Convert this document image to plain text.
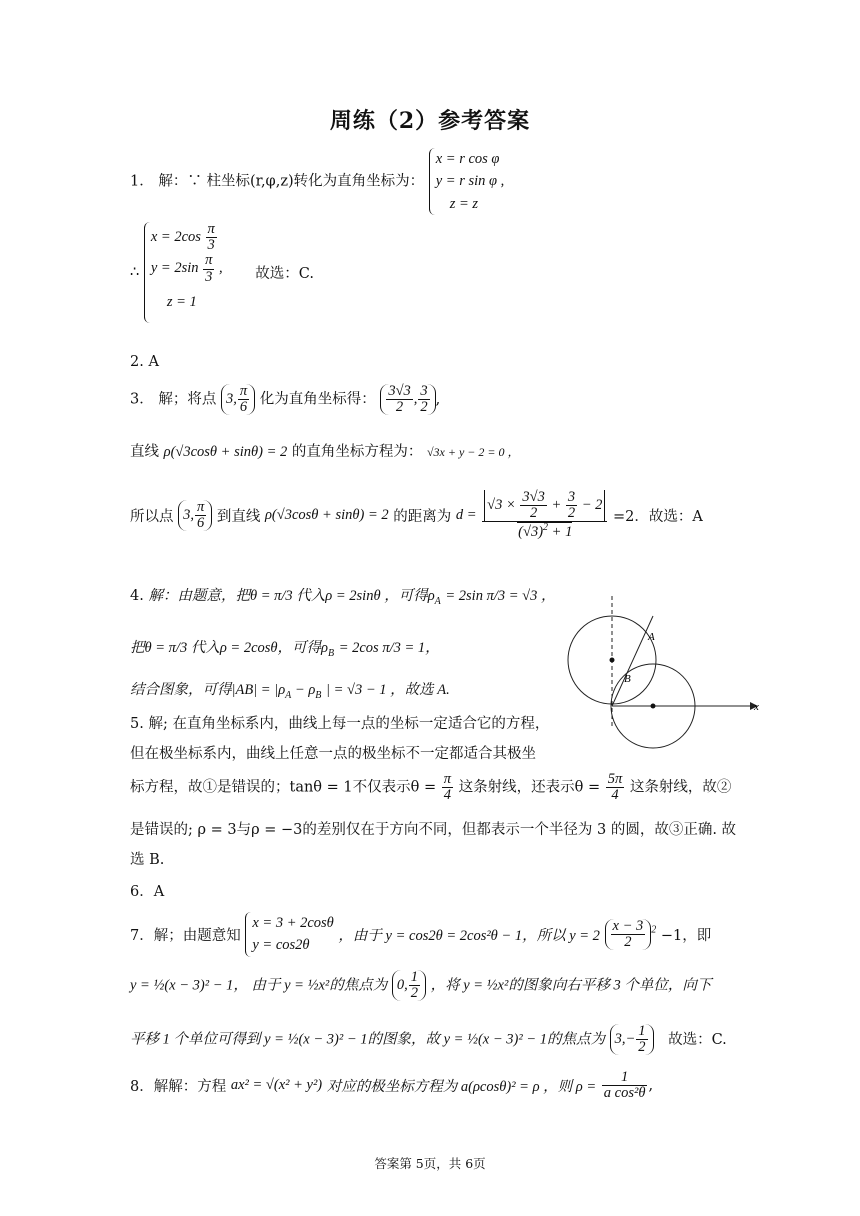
周练（2）参考答案
1． 解：∵ 柱坐标(r,φ,z)转化为直角坐标为：
x = r cos φ
y = r sin φ ,
z = z
∴
$x = 2\cos \frac{\pi}{3}$
$y = 2\sin \frac{\pi}{3}$ ,
z = 1
故选：C.
2. A
3． 解；将点 3, $\frac{\pi}{6}$ 化为直角坐标得： $\frac{3√3}{2}$ , $\frac{3}{2}$ ,
直线 ρ(√3cosθ + sinθ) = 2 的直角坐标方程为： √3x + y − 2 = 0 ，
所以点 3, $\frac{\pi}{6}$ 到直线 ρ(√3cosθ + sinθ) = 2 的距离为 $d = \frac{√3 \times \frac{3√3}{2} + \frac{3}{2} - 2}{(√3)^2 + 1} =2$．故选：A
4. 解：由题意，把θ = π/3 代入ρ = 2sinθ ，可得$\rho_A = 2\sin$ π/3 = √3 ，
把θ = π/3 代入ρ = 2cosθ，可得$\rho_B = 2\cos$ π/3 = 1，
结合图象，可得$|AB| = |\rho_A - \rho_B$ | = √3 − 1 ，故选 A.
A
B
x
5. 解; 在直角坐标系内，曲线上每一点的坐标一定适合它的方程，
但在极坐标系内，曲线上任意一点的极坐标不一定都适合其极坐
标方程，故①是错误的；tanθ = 1不仅表示$\theta = \frac{\pi}{4}$ 这条射线，还表示$\theta = \frac{5\pi}{4}$ 这条射线，故②
是错误的; ρ = 3与ρ = −3的差别仅在于方向不同，但都表示一个半径为 3 的圆，故③正确. 故
选 B.
6．A
7．解；由题意知
x = 3 + 2cosθ
y = cos2θ
，由于 y = cos2θ = 2cos²θ − 1，所以 $y = 2 \frac{x - 3}{2} ^2 -1$，即
y = ½(x − 3)² − 1， 由于 y = ½x²的焦点为 0, $\frac{1}{2}$ ，将 y = ½x²的图象向右平移 3 个单位，向下
平移 1 个单位可得到 y = ½(x − 3)² − 1的图象，故 y = ½(x − 3)² − 1的焦点为 $3,- \frac{1}{2}$ 故选：C.
8．解解：方程 ax² = √(x² + y²) 对应的极坐标方程为 a(ρcosθ)² = ρ ，则 $\rho = \frac{1}{\text{a cos²θ}}$ ,
答案第 5页，共 6页
